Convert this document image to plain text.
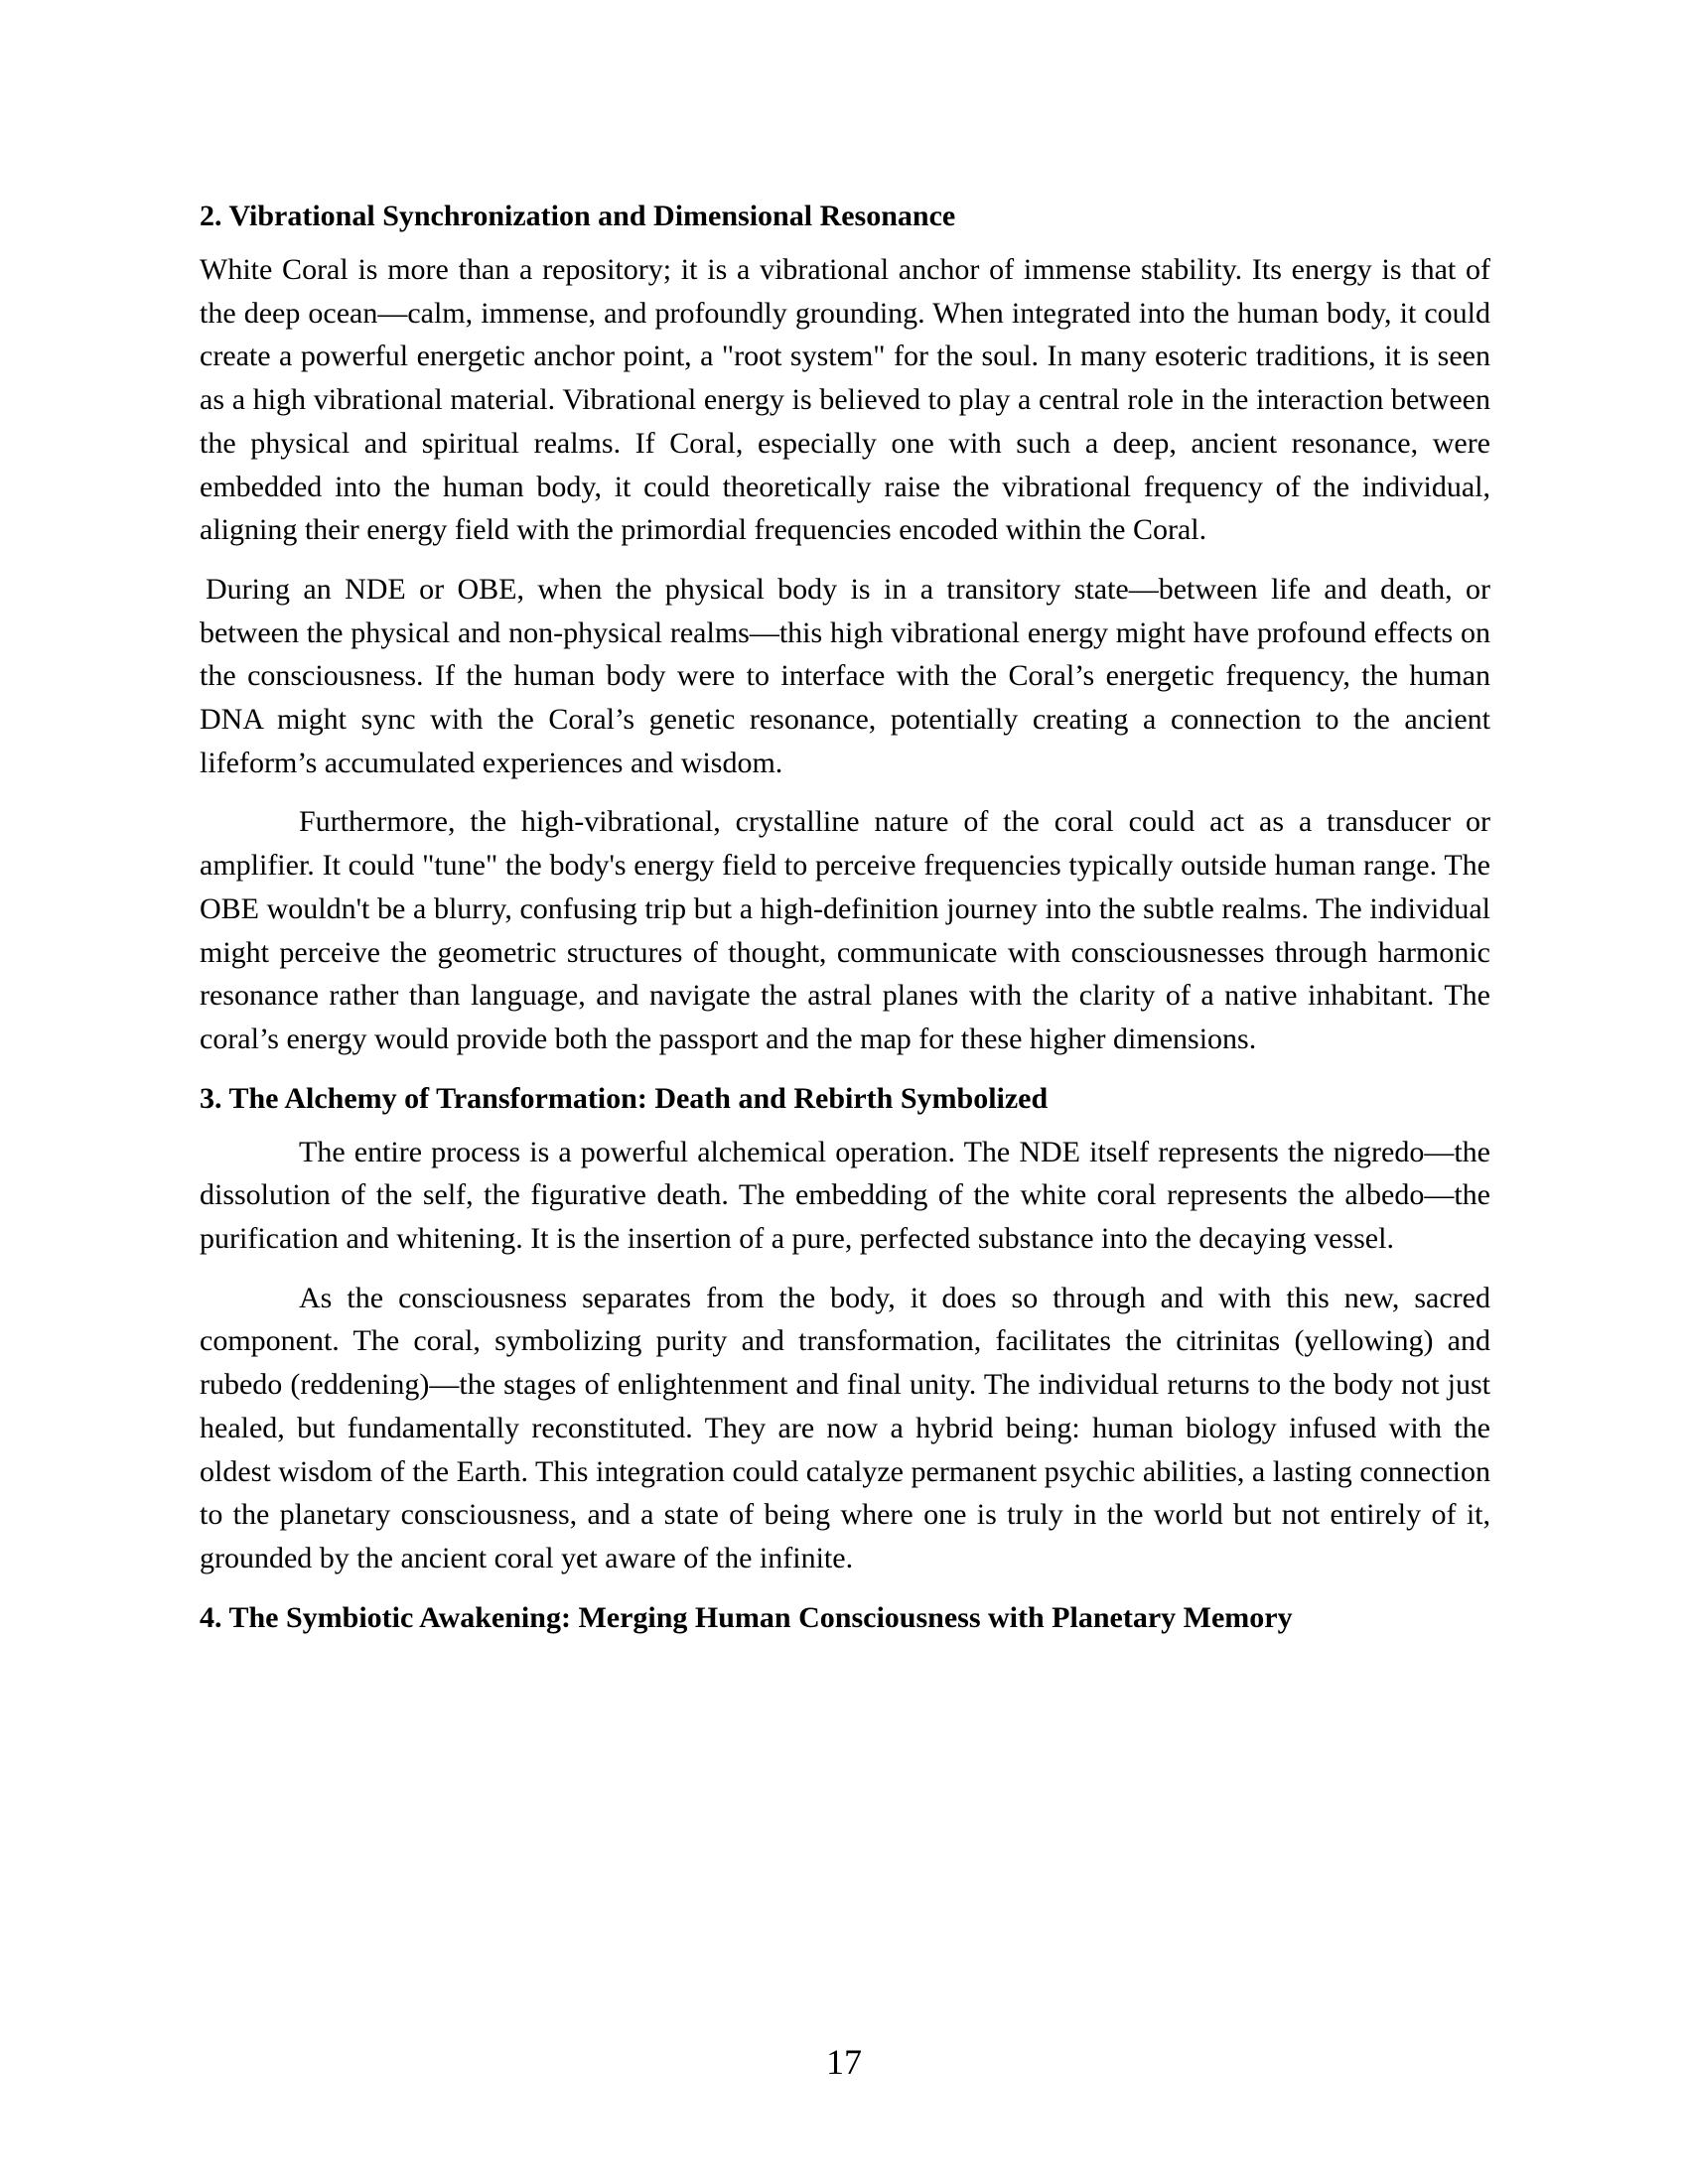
2. Vibrational Synchronization and Dimensional Resonance

White Coral is more than a repository; it is a vibrational anchor of immense stability. Its energy is that of the deep ocean—calm, immense, and profoundly grounding. When integrated into the human body, it could create a powerful energetic anchor point, a "root system" for the soul. In many esoteric traditions, it is seen as a high vibrational material. Vibrational energy is believed to play a central role in the interaction between the physical and spiritual realms. If Coral, especially one with such a deep, ancient resonance, were embedded into the human body, it could theoretically raise the vibrational frequency of the individual, aligning their energy field with the primordial frequencies encoded within the Coral.

During an NDE or OBE, when the physical body is in a transitory state—between life and death, or between the physical and non-physical realms—this high vibrational energy might have profound effects on the consciousness. If the human body were to interface with the Coral’s energetic frequency, the human DNA might sync with the Coral’s genetic resonance, potentially creating a connection to the ancient lifeform’s accumulated experiences and wisdom.

Furthermore, the high-vibrational, crystalline nature of the coral could act as a transducer or amplifier. It could "tune" the body's energy field to perceive frequencies typically outside human range. The OBE wouldn't be a blurry, confusing trip but a high-definition journey into the subtle realms. The individual might perceive the geometric structures of thought, communicate with consciousnesses through harmonic resonance rather than language, and navigate the astral planes with the clarity of a native inhabitant. The coral’s energy would provide both the passport and the map for these higher dimensions.

3. The Alchemy of Transformation: Death and Rebirth Symbolized

The entire process is a powerful alchemical operation. The NDE itself represents the nigredo—the dissolution of the self, the figurative death. The embedding of the white coral represents the albedo—the purification and whitening. It is the insertion of a pure, perfected substance into the decaying vessel.

As the consciousness separates from the body, it does so through and with this new, sacred component. The coral, symbolizing purity and transformation, facilitates the citrinitas (yellowing) and rubedo (reddening)—the stages of enlightenment and final unity. The individual returns to the body not just healed, but fundamentally reconstituted. They are now a hybrid being: human biology infused with the oldest wisdom of the Earth. This integration could catalyze permanent psychic abilities, a lasting connection to the planetary consciousness, and a state of being where one is truly in the world but not entirely of it, grounded by the ancient coral yet aware of the infinite.

4. The Symbiotic Awakening: Merging Human Consciousness with Planetary Memory
17
